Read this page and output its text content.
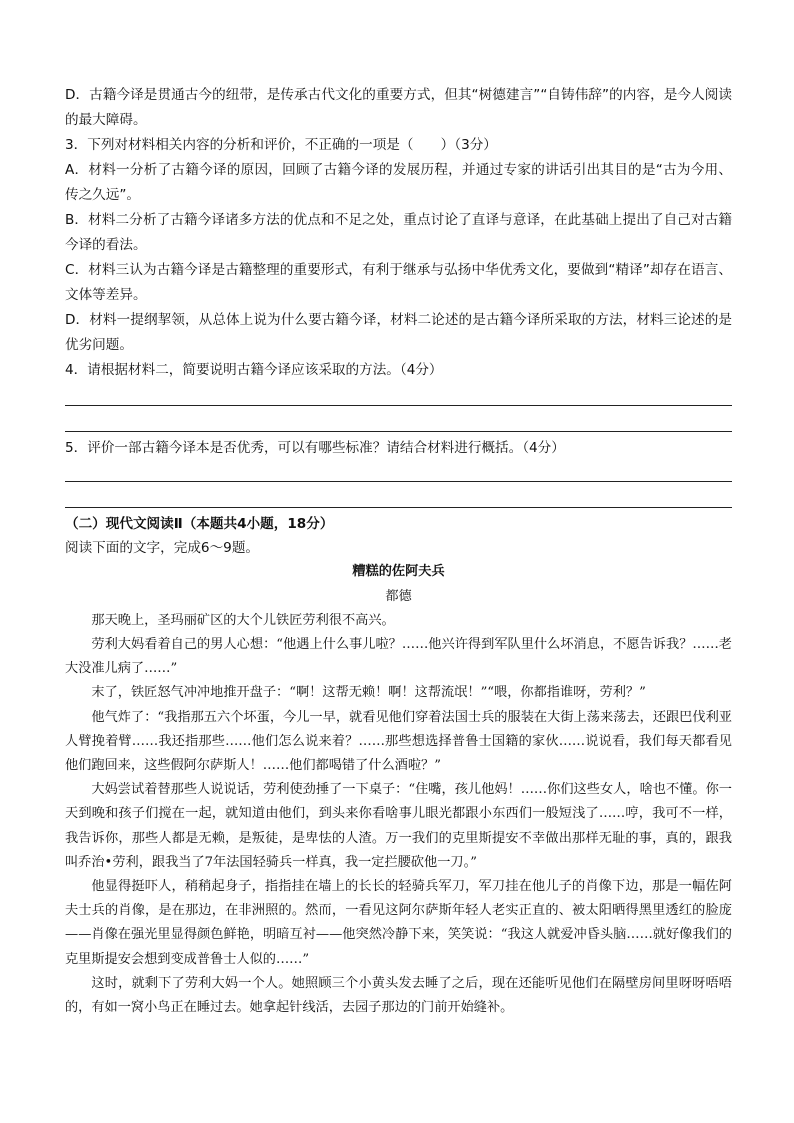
D．古籍今译是贯通古今的纽带，是传承古代文化的重要方式，但其“树德建言”“自铸伟辞”的内容，是今人阅读的最大障碍。

3．下列对材料相关内容的分析和评价，不正确的一项是（　　）（3分）

A．材料一分析了古籍今译的原因，回顾了古籍今译的发展历程，并通过专家的讲话引出其目的是“古为今用、传之久远”。

B．材料二分析了古籍今译诸多方法的优点和不足之处，重点讨论了直译与意译，在此基础上提出了自己对古籍今译的看法。

C．材料三认为古籍今译是古籍整理的重要形式，有利于继承与弘扬中华优秀文化，要做到“精译”却存在语言、文体等差异。

D．材料一提纲挈领，从总体上说为什么要古籍今译，材料二论述的是古籍今译所采取的方法，材料三论述的是优劣问题。

4．请根据材料二，简要说明古籍今译应该采取的方法。（4分）

5．评价一部古籍今译本是否优秀，可以有哪些标准？请结合材料进行概括。（4分）

（二）现代文阅读Ⅱ（本题共4小题，18分）

阅读下面的文字，完成6～9题。

糟糕的佐阿夫兵

都德

那天晚上，圣玛丽矿区的大个儿铁匠劳利很不高兴。

劳利大妈看着自己的男人心想：“他遇上什么事儿啦？……他兴许得到军队里什么坏消息，不愿告诉我？……老大没准儿病了……”

末了，铁匠怒气冲冲地推开盘子：“啊！这帮无赖！啊！这帮流氓！”“喂，你都指谁呀，劳利？”

他气炸了：“我指那五六个坏蛋，今儿一早，就看见他们穿着法国士兵的服装在大街上荡来荡去，还跟巴伐利亚人臂挽着臂……我还指那些……他们怎么说来着？……那些想选择普鲁士国籍的家伙……说说看，我们每天都看见他们跑回来，这些假阿尔萨斯人！……他们都喝错了什么酒啦？”

大妈尝试着替那些人说说话，劳利使劲捶了一下桌子：“住嘴，孩儿他妈！……你们这些女人，啥也不懂。你一天到晚和孩子们搅在一起，就知道由他们，到头来你看啥事儿眼光都跟小东西们一般短浅了……哼，我可不一样，我告诉你，那些人都是无赖，是叛徒，是卑怯的人渣。万一我们的克里斯提安不幸做出那样无耻的事，真的，跟我叫乔治•劳利，跟我当了7年法国轻骑兵一样真，我一定拦腰砍他一刀。”

他显得挺吓人，稍稍起身子，指指挂在墙上的长长的轻骑兵军刀，军刀挂在他儿子的肖像下边，那是一幅佐阿夫士兵的肖像，是在那边，在非洲照的。然而，一看见这阿尔萨斯年轻人老实正直的、被太阳晒得黑里透红的脸庞——肖像在强光里显得颜色鲜艳，明暗互衬——他突然冷静下来，笑笑说：“我这人就爱冲昏头脑……就好像我们的克里斯提安会想到变成普鲁士人似的……”

这时，就剩下了劳利大妈一个人。她照顾三个小黄头发去睡了之后，现在还能听见他们在隔壁房间里呀呀唔唔的，有如一窝小鸟正在睡过去。她拿起针线活，去园子那边的门前开始缝补。
